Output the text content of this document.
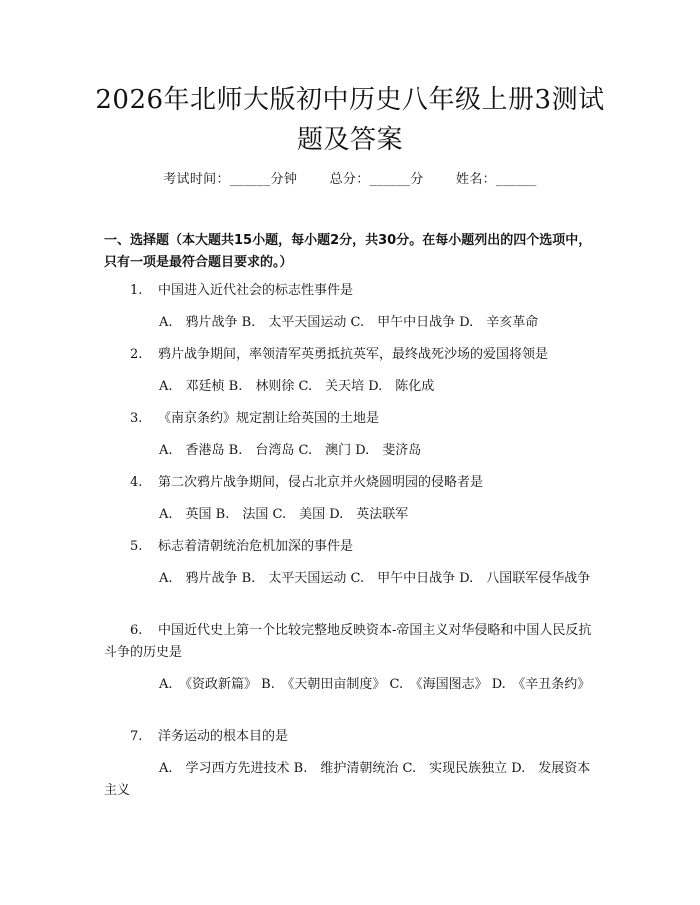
2026年北师大版初中历史八年级上册3测试题及答案
考试时间：______分钟 总分：______分 姓名：______
一、选择题（本大题共15小题，每小题2分，共30分。在每小题列出的四个选项中，只有一项是最符合题目要求的。）
1. 中国进入近代社会的标志性事件是
A.　鸦片战争 B.　太平天国运动 C.　甲午中日战争 D.　辛亥革命
2. 鸦片战争期间，率领清军英勇抵抗英军，最终战死沙场的爱国将领是
A.　邓廷桢 B.　林则徐 C.　关天培 D.　陈化成
3. 《南京条约》规定割让给英国的土地是
A.　香港岛 B.　台湾岛 C.　澳门 D.　斐济岛
4. 第二次鸦片战争期间，侵占北京并火烧圆明园的侵略者是
A.　英国 B.　法国 C.　美国 D.　英法联军
5. 标志着清朝统治危机加深的事件是
A.　鸦片战争 B.　太平天国运动 C.　甲午中日战争 D.　八国联军侵华战争
6. 中国近代史上第一个比较完整地反映资本-帝国主义对华侵略和中国人民反抗斗争的历史是
A.　《资政新篇》 B.　《天朝田亩制度》 C.　《海国图志》 D.　《辛丑条约》
7. 洋务运动的根本目的是
A.　学习西方先进技术 B.　维护清朝统治 C.　实现民族独立 D.　发展资本主义
